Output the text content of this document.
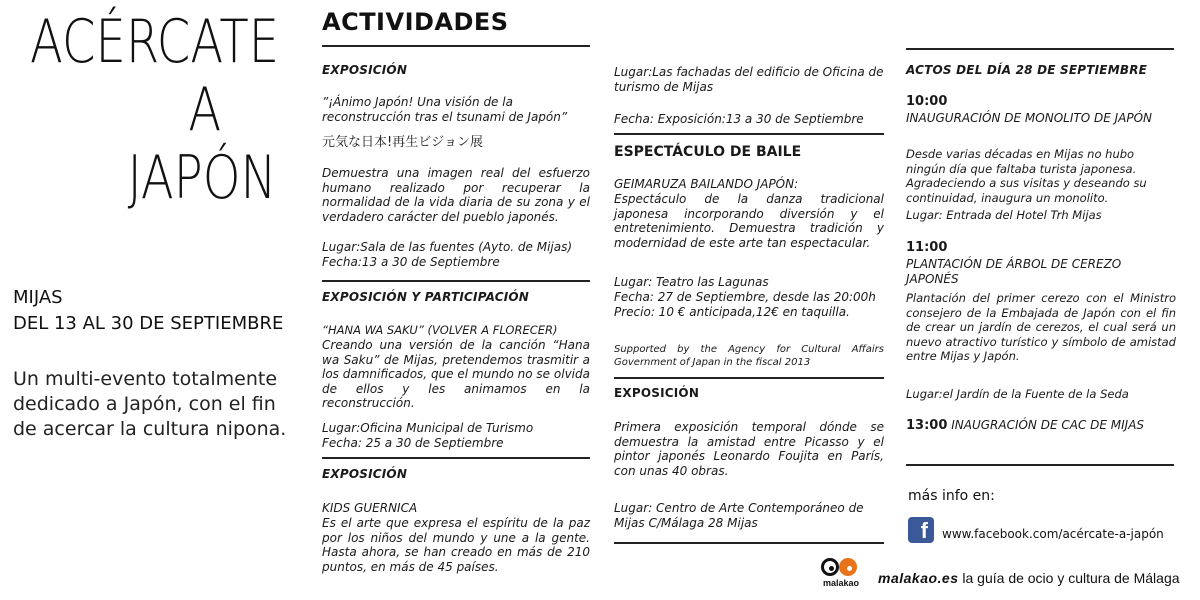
ACÉRCATE
A
JAPÓN
MIJAS
DEL 13 AL 30 DE SEPTIEMBRE
Un multi-evento totalmente dedicado a Japón, con el fin de acercar la cultura nipona.
ACTIVIDADES
EXPOSICIÓN
”¡Ánimo Japón! Una visión de la reconstrucción tras el tsunami de Japón”
元気な日本!再生ビジョン展
Demuestra una imagen real del esfuerzo humano realizado por recuperar la normalidad de la vida diaria de su zona y el verdadero carácter del pueblo japonés.
Lugar:Sala de las fuentes (Ayto. de Mijas)
Fecha:13 a 30 de Septiembre
EXPOSICIÓN Y PARTICIPACIÓN
“HANA WA SAKU” (VOLVER A FLORECER)
Creando una versión de la canción “Hana wa Saku” de Mijas, pretendemos trasmitir a los damnificados, que el mundo no se olvida de ellos y les animamos en la reconstrucción.
Lugar:Oficina Municipal de Turismo
Fecha: 25 a 30 de Septiembre
EXPOSICIÓN
KIDS GUERNICA
Es el arte que expresa el espíritu de la paz por los niños del mundo y une a la gente. Hasta ahora, se han creado en más de 210 puntos, en más de 45 países.
Lugar:Las fachadas del edificio de Oficina de turismo de Mijas
Fecha: Exposición:13 a 30 de Septiembre
ESPECTÁCULO DE BAILE
GEIMARUZA BAILANDO JAPÓN:
Espectáculo de la danza tradicional japonesa incorporando diversión y el entretenimiento. Demuestra tradición y modernidad de este arte tan espectacular.
Lugar: Teatro las Lagunas
Fecha: 27 de Septiembre, desde las 20:00h
Precio: 10 € anticipada,12€ en taquilla.
Supported by the Agency for Cultural Affairs Government of Japan in the fiscal 2013
EXPOSICIÓN
Primera exposición temporal dónde se demuestra la amistad entre Picasso y el pintor japonés Leonardo Foujita en París, con unas 40 obras.
Lugar: Centro de Arte Contemporáneo de Mijas C/Málaga 28 Mijas
ACTOS DEL DÍA 28 DE SEPTIEMBRE
10:00
INAUGURACIÓN DE MONOLITO DE JAPÓN
Desde varias décadas en Mijas no hubo ningún día que faltaba turista japonesa. Agradeciendo a sus visitas y deseando su continuidad, inaugura un monolito.
Lugar: Entrada del Hotel Trh Mijas
11:00
PLANTACIÓN DE ÁRBOL DE CEREZO JAPONÉS
Plantación del primer cerezo con el Ministro consejero de la Embajada de Japón con el fin de crear un jardín de cerezos, el cual será un nuevo atractivo turístico y símbolo de amistad entre Mijas y Japón.
Lugar:el Jardín de la Fuente de la Seda
13:00 INAUGRACIÓN DE CAC DE MIJAS
más info en:
f	www.facebook.com/acércate-a-japón
malakao	malakao.es la guía de ocio y cultura de Málaga
